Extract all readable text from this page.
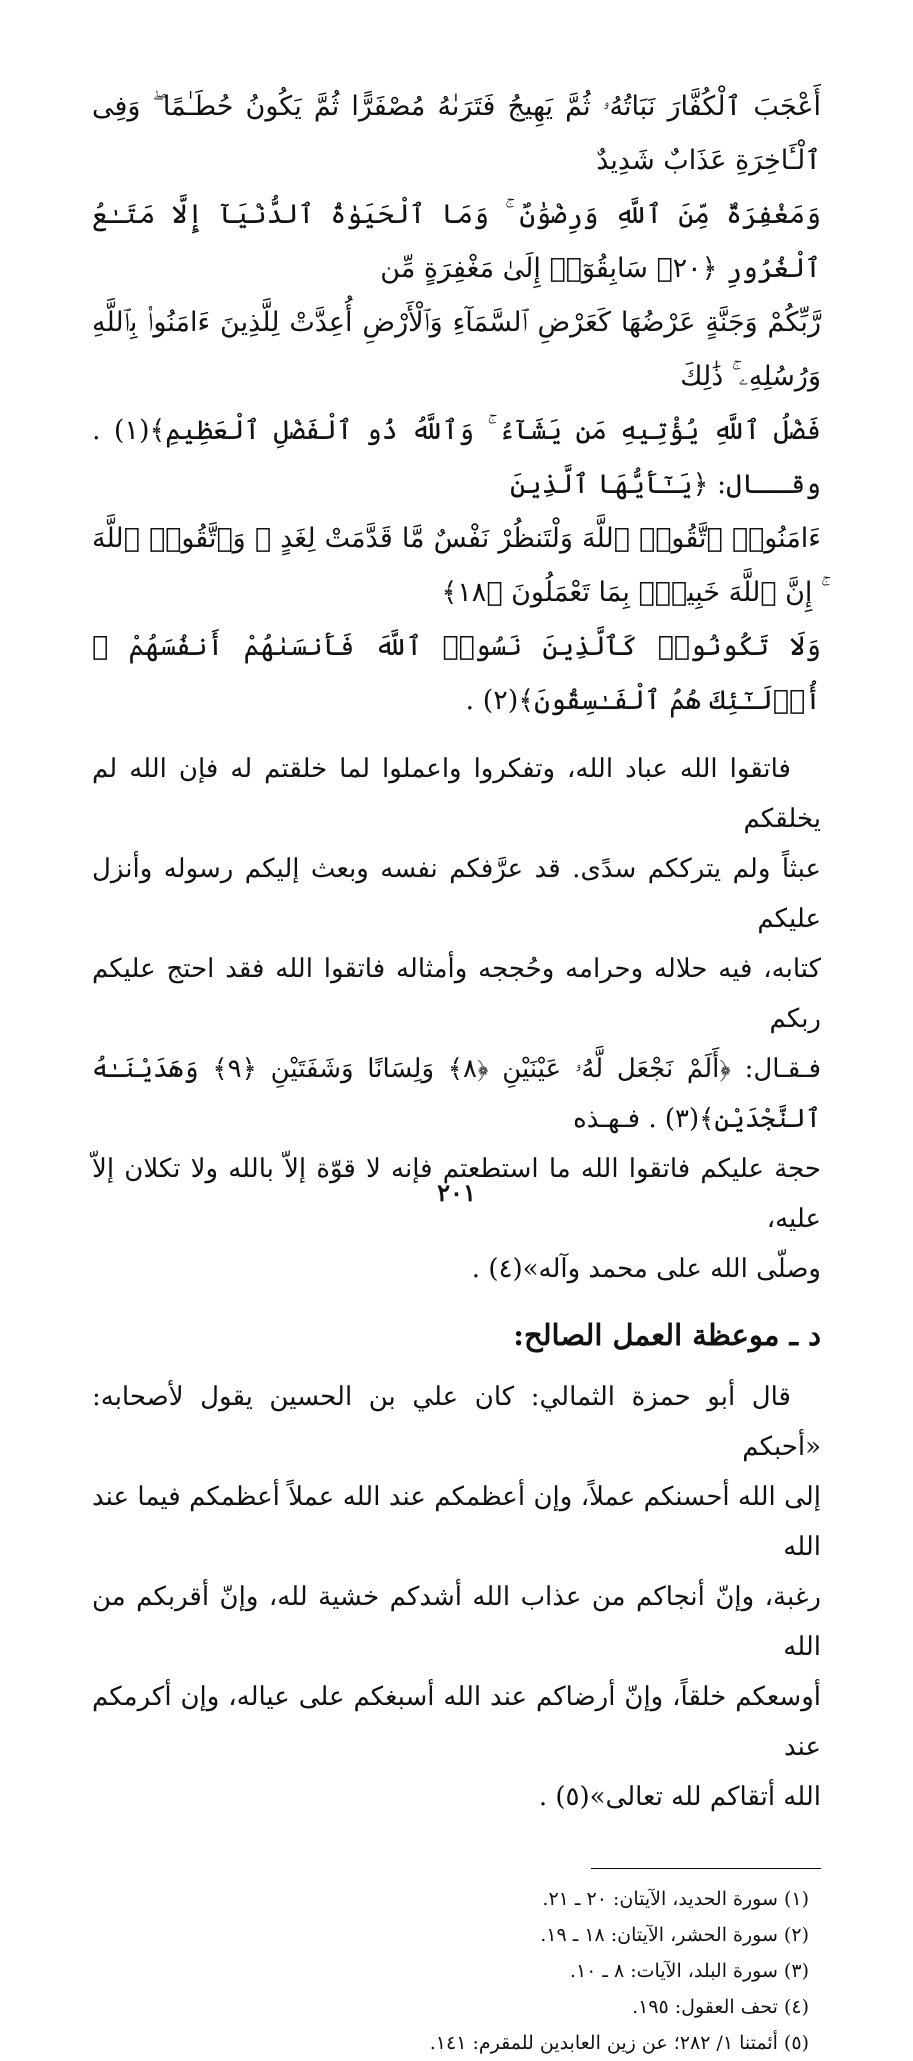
أَعْجَبَ ٱلْكُفَّارَ نَبَاتُهُۥ ثُمَّ يَهِيجُ فَتَرَىٰهُ مُصْفَرًّا ثُمَّ يَكُونُ حُطَـٰمًا ۖ وَفِى ٱلْـَٔاخِرَةِ عَذَابٌ شَدِيدٌ
وَمَغْفِرَةٌ مِّنَ ٱللَّهِ وَرِضْوَٰنٌ ۚ وَمَا ٱلْحَيَوٰةُ ٱلدُّنْيَآ إِلَّا مَتَـٰعُ ٱلْغُرُورِ ﴿٢٠﴾ سَابِقُوٓا۟ إِلَىٰ مَغْفِرَةٍ مِّن
رَّبِّكُمْ وَجَنَّةٍ عَرْضُهَا كَعَرْضِ ٱلسَّمَآءِ وَٱلْأَرْضِ أُعِدَّتْ لِلَّذِينَ ءَامَنُوا۟ بِٱللَّهِ وَرُسُلِهِۦ ۚ ذَٰلِكَ
فَضْلُ ٱللَّهِ يُؤْتِيهِ مَن يَشَآءُ ۚ وَٱللَّهُ ذُو ٱلْفَضْلِ ٱلْعَظِيمِ﴾(١) . وقــال: ﴿يَـٰٓأَيُّهَا ٱلَّذِينَ
ءَامَنُوا۟ ٱتَّقُوا۟ ٱللَّهَ وَلْتَنظُرْ نَفْسٌ مَّا قَدَّمَتْ لِغَدٍ ۖ وَٱتَّقُوا۟ ٱللَّهَ ۚ إِنَّ ٱللَّهَ خَبِيرٌۢ بِمَا تَعْمَلُونَ ﴿١٨﴾
وَلَا تَكُونُوا۟ كَٱلَّذِينَ نَسُوا۟ ٱللَّهَ فَأَنسَىٰهُمْ أَنفُسَهُمْ ۚ أُو۟لَـٰٓئِكَ هُمُ ٱلْفَـٰسِقُونَ﴾(٢) .
فاتقوا الله عباد الله، وتفكروا واعملوا لما خلقتم له فإن الله لم يخلقكم
عبثاً ولم يترككم سدًى. قد عرَّفكم نفسه وبعث إليكم رسوله وأنزل عليكم
كتابه، فيه حلاله وحرامه وحُججه وأمثاله فاتقوا الله فقد احتج عليكم ربكم
فـقـال: ﴿أَلَمْ نَجْعَل لَّهُۥ عَيْنَيْنِ ﴿٨﴾ وَلِسَانًا وَشَفَتَيْنِ ﴿٩﴾ وَهَدَيْنَـٰهُ ٱلنَّجْدَيْنِ﴾(٣) . فـهـذه
حجة عليكم فاتقوا الله ما استطعتم فإنه لا قوّة إلاّ بالله ولا تكلان إلاّ عليه،
وصلّى الله على محمد وآله»(٤) .
د ـ موعظة العمل الصالح:
قال أبو حمزة الثمالي: كان علي بن الحسين يقول لأصحابه: «أحبكم
إلى الله أحسنكم عملاً، وإن أعظمكم عند الله عملاً أعظمكم فيما عند الله
رغبة، وإنّ أنجاكم من عذاب الله أشدكم خشية لله، وإنّ أقربكم من الله
أوسعكم خلقاً، وإنّ أرضاكم عند الله أسبغكم على عياله، وإن أكرمكم عند
الله أتقاكم لله تعالى»(٥) .
(١) سورة الحديد، الآيتان: ٢٠ ـ ٢١.
(٢) سورة الحشر، الآيتان: ١٨ ـ ١٩.
(٣) سورة البلد، الآيات: ٨ ـ ١٠.
(٤) تحف العقول: ١٩٥.
(٥) أئمتنا ١/ ٢٨٢؛ عن زين العابدين للمقرم: ١٤١.
٢٠١
